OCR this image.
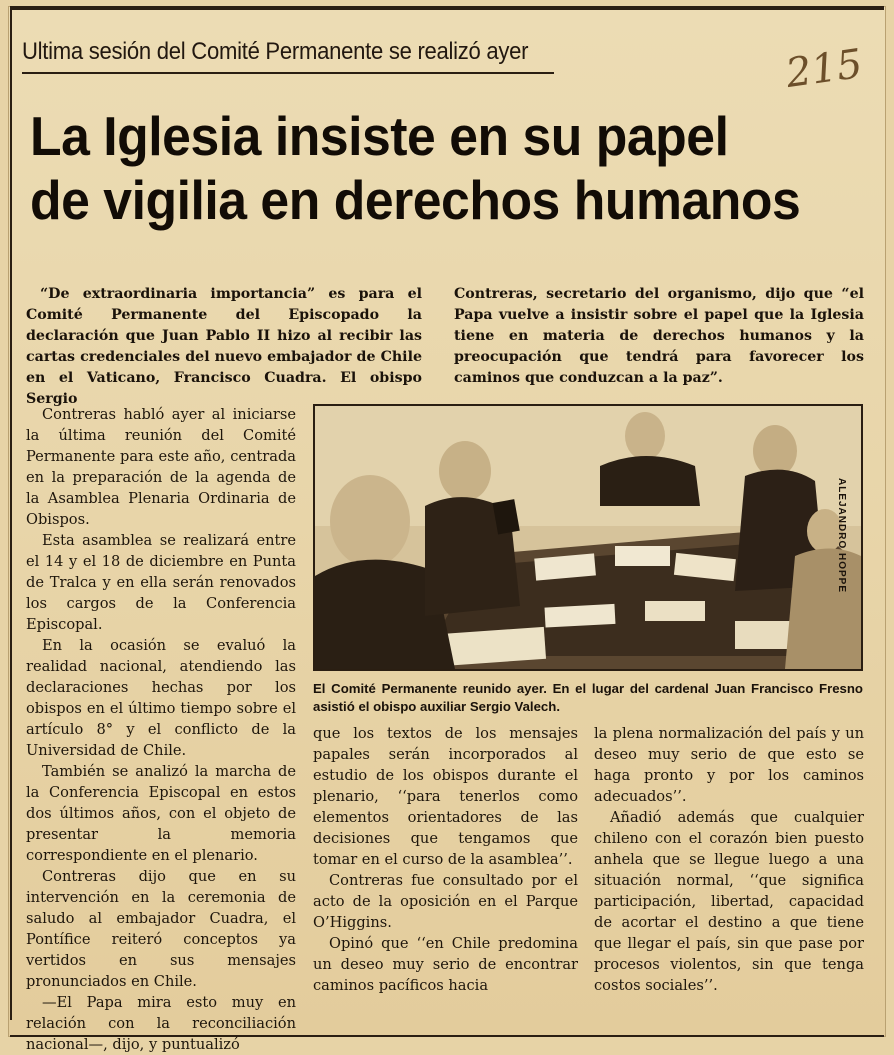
Ultima sesión del Comité Permanente se realizó ayer	215
La Iglesia insiste en su papel
de vigilia en derechos humanos
“De extraordinaria importancia” es para el Comité Permanente del Episcopado la declaración que Juan Pablo II hizo al recibir las cartas credenciales del nuevo embajador de Chile en el Vaticano, Francisco Cuadra. El obispo Sergio
Contreras, secretario del organismo, dijo que “el Papa vuelve a insistir sobre el papel que la Iglesia tiene en materia de derechos humanos y la preocupación que tendrá para favorecer los caminos que conduzcan a la paz”.

Contreras habló ayer al iniciarse la última reunión del Comité Permanente para este año, centrada en la preparación de la agenda de la Asamblea Plenaria Ordinaria de Obispos.

Esta asamblea se realizará entre el 14 y el 18 de diciembre en Punta de Tralca y en ella serán renovados los cargos de la Conferencia Episcopal.

En la ocasión se evaluó la realidad nacional, atendiendo las declaraciones hechas por los obispos en el último tiempo sobre el artículo 8° y el conflicto de la Universidad de Chile.

También se analizó la marcha de la Conferencia Episcopal en estos dos últimos años, con el objeto de presentar la memoria correspondiente en el plenario.

Contreras dijo que en su intervención en la ceremonia de saludo al embajador Cuadra, el Pontífice reiteró conceptos ya vertidos en sus mensajes pronunciados en Chile.

—El Papa mira esto muy en relación con la reconciliación nacional—, dijo, y puntualizó

ALEJANDRO HOPPE
El Comité Permanente reunido ayer. En el lugar del cardenal Juan Francisco Fresno asistió el obispo auxiliar Sergio Valech.

que los textos de los mensajes papales serán incorporados al estudio de los obispos durante el plenario, ‘‘para tenerlos como elementos orientadores de las decisiones que tengamos que tomar en el curso de la asamblea’’.

Contreras fue consultado por el acto de la oposición en el Parque O’Higgins.

Opinó que ‘‘en Chile predomina un deseo muy serio de encontrar caminos pacíficos hacia

la plena normalización del país y un deseo muy serio de que esto se haga pronto y por los caminos adecuados’’.

Añadió además que cualquier chileno con el corazón bien puesto anhela que se llegue luego a una situación normal, ‘‘que significa participación, libertad, capacidad de acortar el destino a que tiene que llegar el país, sin que pase por procesos violentos, sin que tenga costos sociales’’.
